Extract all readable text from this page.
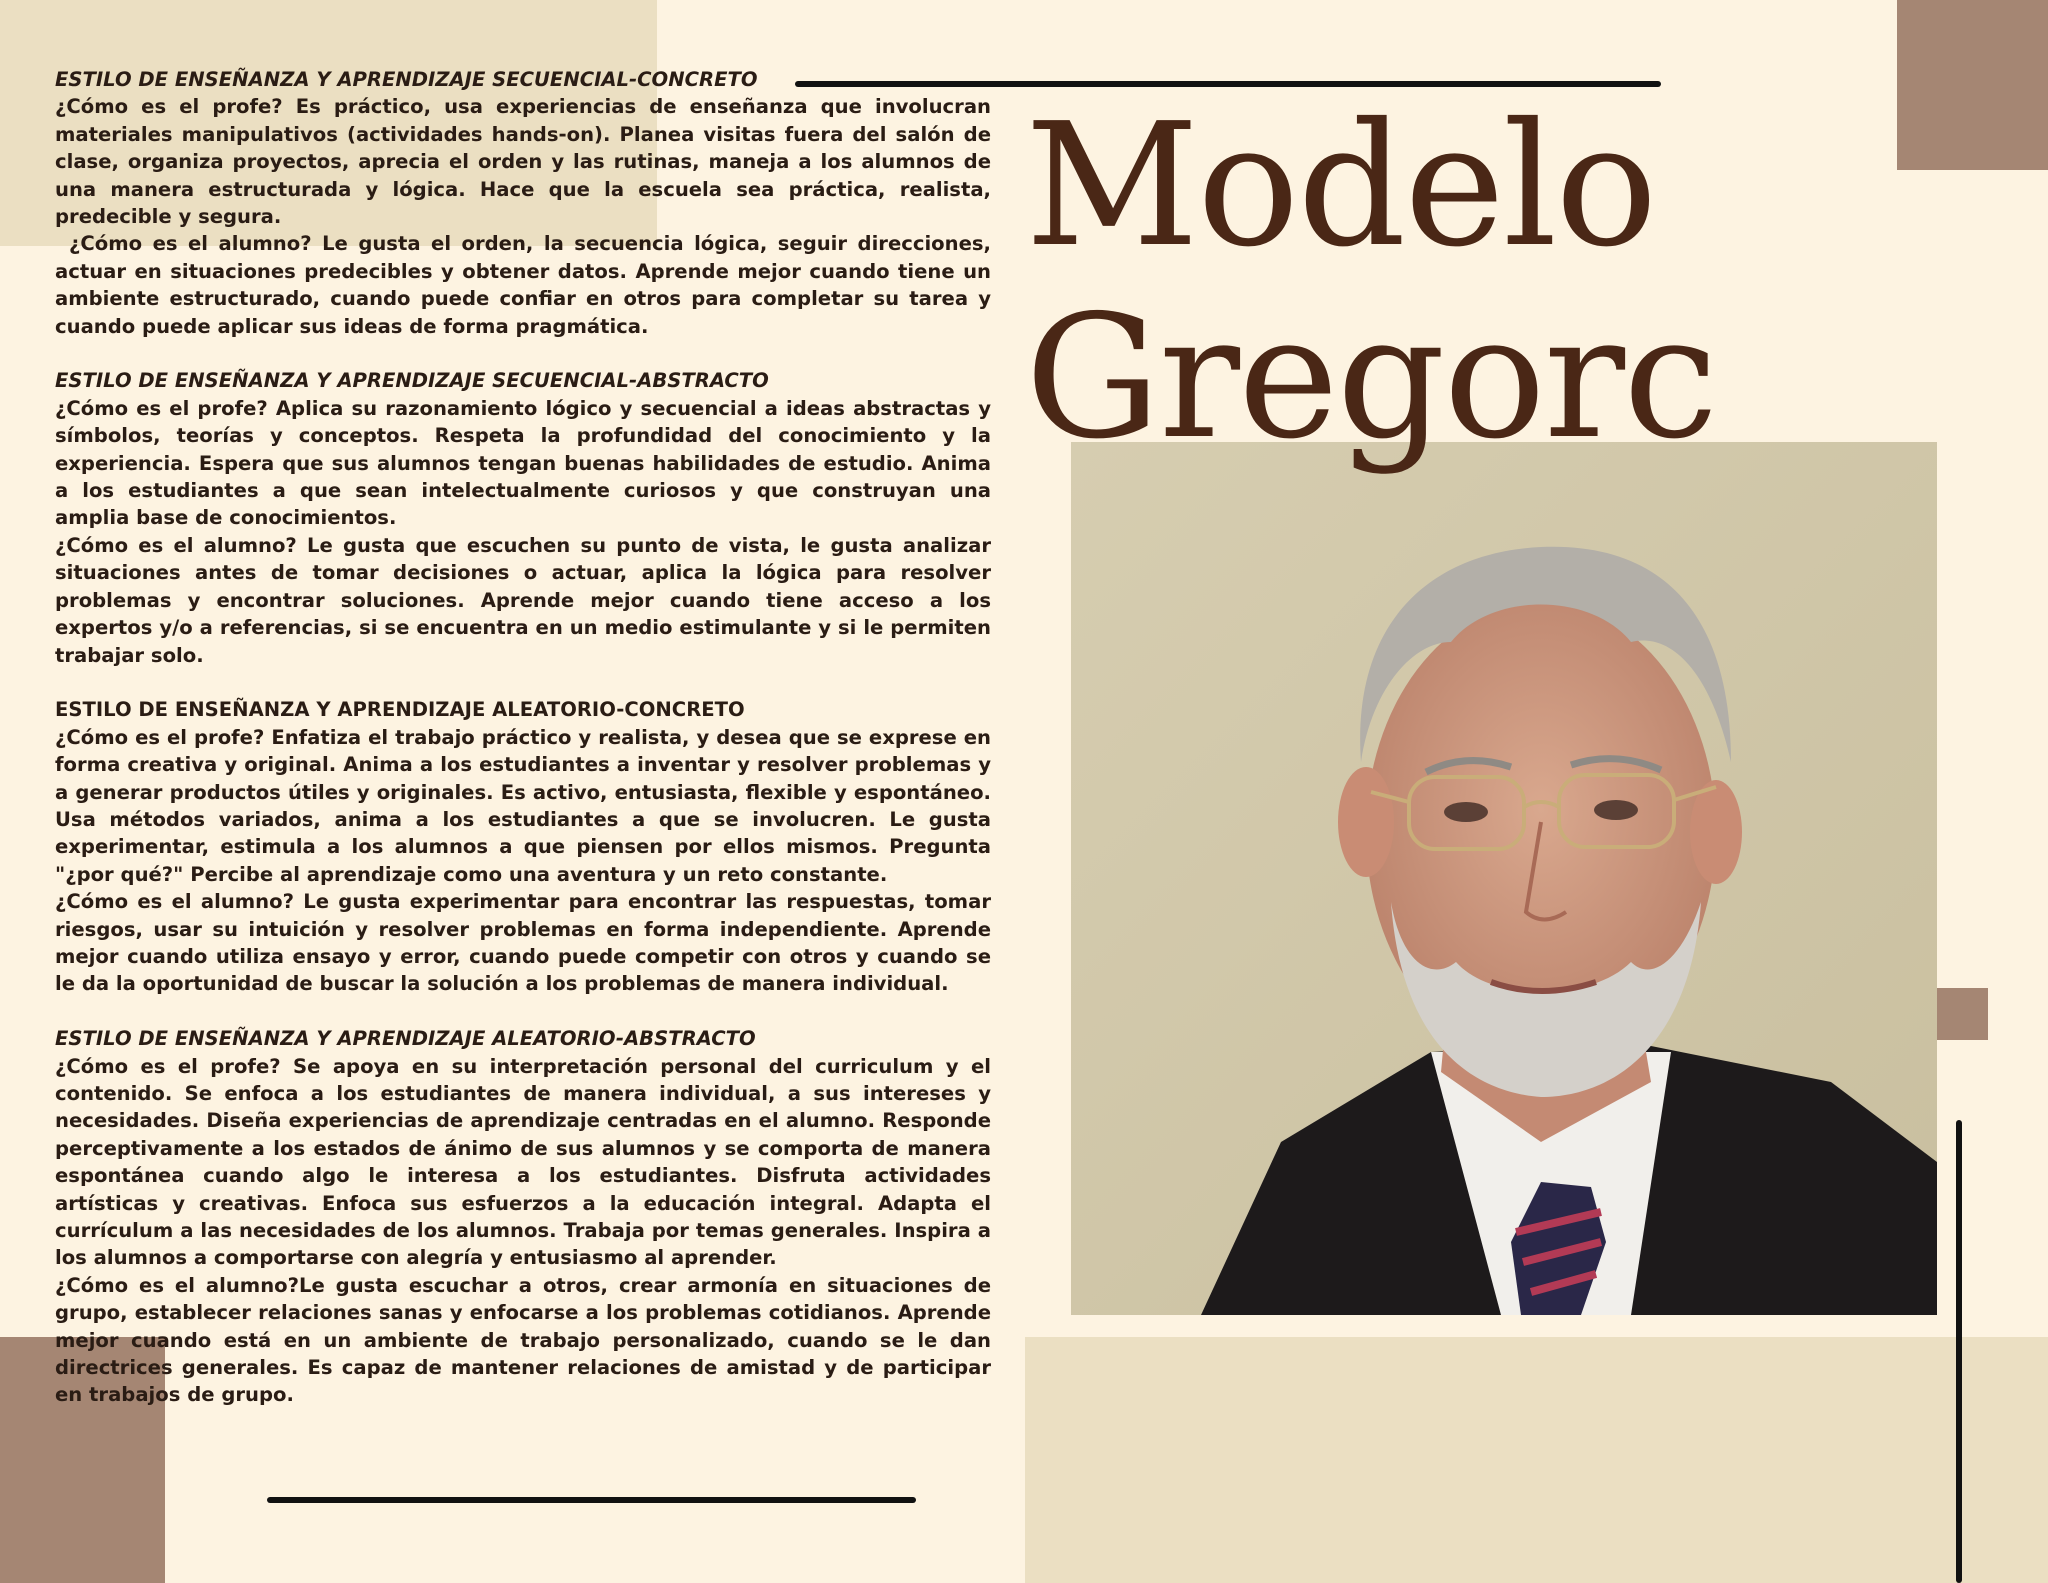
ESTILO DE ENSEÑANZA Y APRENDIZAJE SECUENCIAL-CONCRETO
¿Cómo es el profe? Es práctico, usa experiencias de enseñanza que involucran materiales manipulativos (actividades hands-on). Planea visitas fuera del salón de clase, organiza proyectos, aprecia el orden y las rutinas, maneja a los alumnos de una manera estructurada y lógica. Hace que la escuela sea práctica, realista, predecible y segura.
¿Cómo es el alumno? Le gusta el orden, la secuencia lógica, seguir direcciones, actuar en situaciones predecibles y obtener datos. Aprende mejor cuando tiene un ambiente estructurado, cuando puede confiar en otros para completar su tarea y cuando puede aplicar sus ideas de forma pragmática.
ESTILO DE ENSEÑANZA Y APRENDIZAJE SECUENCIAL-ABSTRACTO
¿Cómo es el profe? Aplica su razonamiento lógico y secuencial a ideas abstractas y símbolos, teorías y conceptos. Respeta la profundidad del conocimiento y la experiencia. Espera que sus alumnos tengan buenas habilidades de estudio. Anima a los estudiantes a que sean intelectualmente curiosos y que construyan una amplia base de conocimientos.
¿Cómo es el alumno? Le gusta que escuchen su punto de vista, le gusta analizar situaciones antes de tomar decisiones o actuar, aplica la lógica para resolver problemas y encontrar soluciones. Aprende mejor cuando tiene acceso a los expertos y/o a referencias, si se encuentra en un medio estimulante y si le permiten trabajar solo.
ESTILO DE ENSEÑANZA Y APRENDIZAJE ALEATORIO-CONCRETO
¿Cómo es el profe? Enfatiza el trabajo práctico y realista, y desea que se exprese en forma creativa y original. Anima a los estudiantes a inventar y resolver problemas y a generar productos útiles y originales. Es activo, entusiasta, flexible y espontáneo. Usa métodos variados, anima a los estudiantes a que se involucren. Le gusta experimentar, estimula a los alumnos a que piensen por ellos mismos. Pregunta "¿por qué?" Percibe al aprendizaje como una aventura y un reto constante.
¿Cómo es el alumno? Le gusta experimentar para encontrar las respuestas, tomar riesgos, usar su intuición y resolver problemas en forma independiente. Aprende mejor cuando utiliza ensayo y error, cuando puede competir con otros y cuando se le da la oportunidad de buscar la solución a los problemas de manera individual.
ESTILO DE ENSEÑANZA Y APRENDIZAJE ALEATORIO-ABSTRACTO
¿Cómo es el profe? Se apoya en su interpretación personal del curriculum y el contenido. Se enfoca a los estudiantes de manera individual, a sus intereses y necesidades. Diseña experiencias de aprendizaje centradas en el alumno. Responde perceptivamente a los estados de ánimo de sus alumnos y se comporta de manera espontánea cuando algo le interesa a los estudiantes. Disfruta actividades artísticas y creativas. Enfoca sus esfuerzos a la educación integral. Adapta el currículum a las necesidades de los alumnos. Trabaja por temas generales. Inspira a los alumnos a comportarse con alegría y entusiasmo al aprender.
¿Cómo es el alumno?Le gusta escuchar a otros, crear armonía en situaciones de grupo, establecer relaciones sanas y enfocarse a los problemas cotidianos. Aprende mejor cuando está en un ambiente de trabajo personalizado, cuando se le dan directrices generales. Es capaz de mantener relaciones de amistad y de participar en trabajos de grupo.
Modelo
Gregorc
